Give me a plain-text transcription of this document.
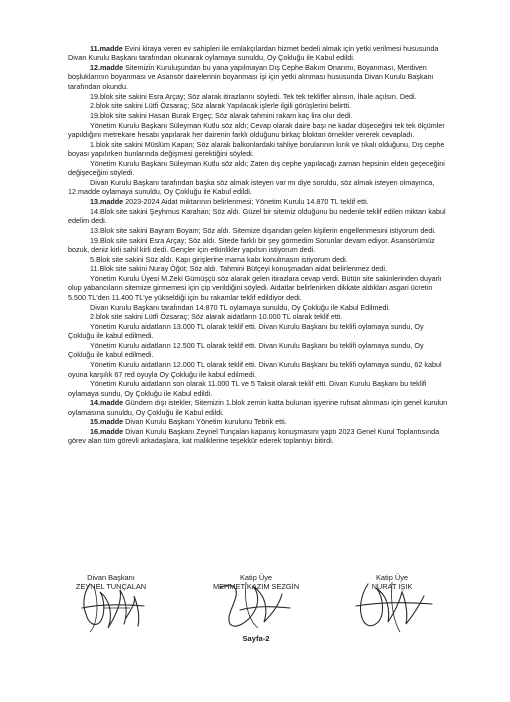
11.madde Evini kiraya veren ev sahipleri ile emlakçılardan hizmet bedeli almak için yetki verilmesi hususunda Divan Kurulu Başkanı tarafından okunarak oylamaya sunuldu, Oy Çokluğu ile Kabul edildi.

12.madde Sitemizin Kuruluşundan bu yana yapılmayan Dış Cephe Bakım Onarımı, Boyanması, Merdiven boşluklarının boyanması ve Asansör dairelerinin boyanması işi için yetki alınması hususunda Divan Kurulu Başkanı tarafından okundu.

19.blok site sakini Esra Arçay; Söz alarak itirazlarını söyledi. Tek tek teklifler alınsın, İhale açılsın. Dedi.

2.blok site sakini Lütfi Özsaraç; Söz alarak Yapılacak işlerle ilgili görüşlerini belirtti.

19.blok site sakini Hasan Burak Ergeç; Söz alarak tahmini rakam kaç lira olur dedi.

Yönetim Kurulu Başkanı Süleyman Kutlu söz aldı; Cevap olarak daire başı ne kadar düşeceğini tek tek ölçümler yapıldığını metrekare hesabı yapılarak her dairenin farklı olduğunu birkaç bloktan örnekler vererek cevapladı.

1.blok site sakini Müslüm Kapan; Söz alarak balkonlardaki tahliye borularının kırık ve tıkalı olduğunu, Dış cephe boyası yapılırken bunlarında değişmesi gerektiğini söyledi.

Yönetim Kurulu Başkanı Süleyman Kutlu söz aldı; Zaten dış cephe yapılacağı zaman hepsinin elden geçeceğini değişeceğini söyledi.

Divan Kurulu Başkanı tarafından başka söz almak isteyen var mı diye soruldu, söz almak isteyen olmayınca, 12.madde oylamaya sunuldu, Oy Çokluğu ile Kabul edildi.

13.madde 2023-2024 Aidat miktarının belirlenmesi; Yönetim Kurulu 14.870 TL teklif etti.

14.Blok site sakini Şeyhmus Karahan; Söz aldı. Güzel bir sitemiz olduğunu bu nedenle teklif edilen miktarı kabul edelim dedi.

13.Blok site sakini Bayram Boyam; Söz aldı. Sitemize dışarıdan gelen kişilerin engellenmesini istiyorum dedi.

19.Blok site sakini Esra Arçay; Söz aldı. Sitede farklı bir şey görmedim Sorunlar devam ediyor. Asansörümüz bozuk, deniz kirli sahil kirli dedi. Gençler için etkinlikler yapılsın istiyorum dedi.

5.Blok site sakini Söz aldı. Kapı girişlerine mama kabı konulmasın istiyorum dedi.

11.Blok site sakini Nuray Öğüt; Söz aldı. Tahmini Bütçeyi konuşmadan aidat belirlenmez dedi.

Yönetim Kurulu Üyesi M.Zeki Gümüşçü söz alarak gelen itirazlara cevap verdi. Bütün site sakinlerinden duyarlı olup yabancıların sitemize girmemesi için çip verildiğini söyledi. Aidatlar belirlenirken dikkate aldıkları asgari ücretin 5.500 TL'den 11.400 TL'ye yükseldiği için bu rakamlar teklif edildiyor dedi.

Divan Kurulu Başkanı tarafından 14.870 TL oylamaya sunuldu, Oy Çokluğu ile Kabul Edilmedi.

2.blok site sakini Lütfi Özsaraç; Söz alarak aidatların 10.000 TL olarak teklif etti.

Yönetim Kurulu aidatların 13.000 TL olarak teklif etti. Divan Kurulu Başkanı bu teklifi oylamaya sundu, Oy Çokluğu ile kabul edilmedi.

Yönetim Kurulu aidatların 12.500 TL olarak teklif etti. Divan Kurulu Başkanı bu teklifi oylamaya sundu, Oy Çokluğu ile kabul edilmedi.

Yönetim Kurulu aidatların 12.000 TL olarak teklif etti. Divan Kurulu Başkanı bu teklifi oylamaya sundu, 62 kabul oyuna karşılık 67 red oyuyla Oy Çokluğu ile kabul edilmedi.

Yönetim Kurulu aidatların son olarak 11.000 TL ve 5 Taksit olarak teklif etti. Divan Kurulu Başkanı bu teklifi oylamaya sundu, Oy Çokluğu ile Kabul edildi.

14.madde Gündem dışı istekler, Sitemizin 1.blok zemin katta bulunan işyerine ruhsat alınması için genel kurulun oylamasına sunuldu, Oy Çokluğu ile Kabul edildi.

15.madde Divan Kurulu Başkanı Yönetim kurulunu Tebrik etti.

16.madde Divan Kurulu Başkanı Zeynel Tunçalan kapanış konuşmasını yaptı 2023 Genel Kurul Toplantısında görev alan tüm görevli arkadaşlara, kat maliklerine teşekkür ederek toplantıyı bitirdi.

Divan Başkanı
ZEYNEL TUNÇALAN
Katip Üye
MEHMET KAZIM SEZGİN
Katip Üye
NURAT IŞIK
Sayfa-2
